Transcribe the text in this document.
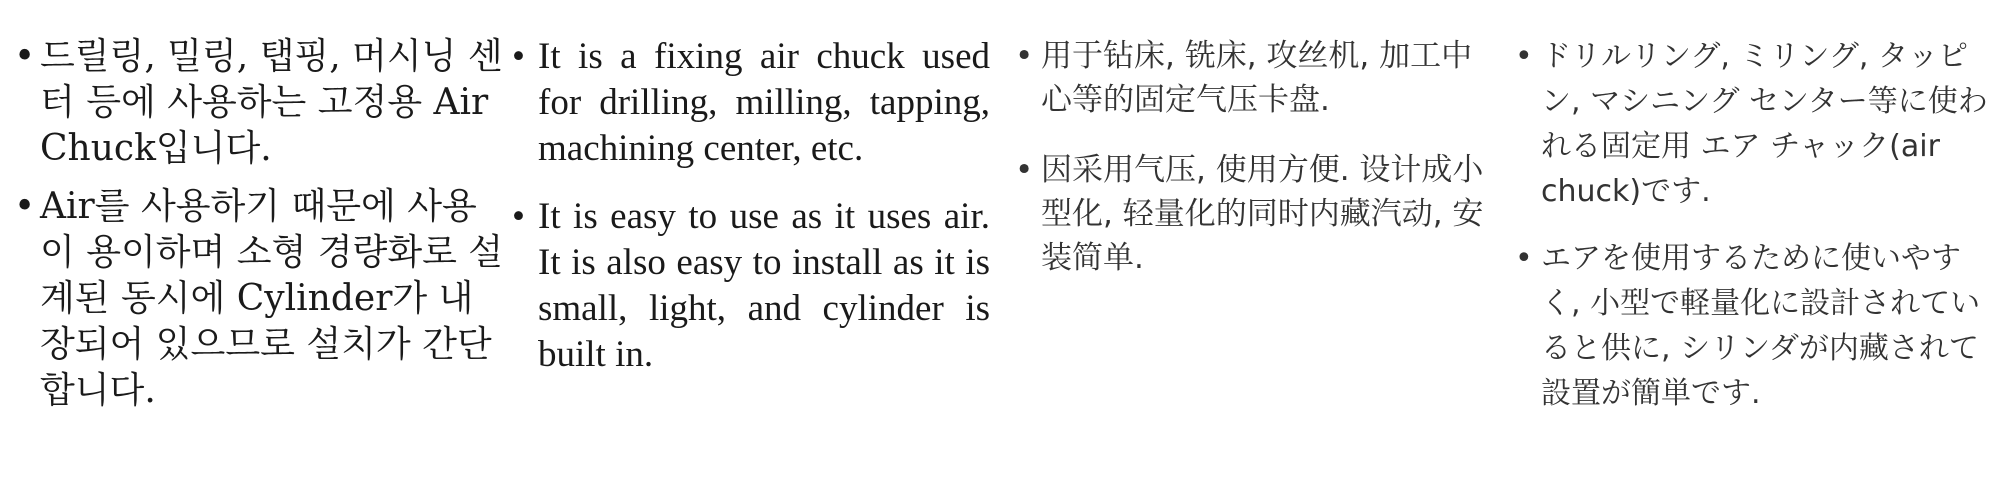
• 드릴링, 밀링, 탭핑, 머시닝 센터 등에 사용하는 고정용 Air Chuck입니다.
• Air를 사용하기 때문에 사용이 용이하며 소형 경량화로 설계된 동시에 Cylinder가 내장되어 있으므로 설치가 간단합니다.
• It is a fixing air chuck used for drilling, milling, tapping, machining center, etc.
• It is easy to use as it uses air. It is also easy to install as it is small, light, and cylinder is built in.
• 用于钻床, 铣床, 攻丝机, 加工中心等的固定气压卡盘.
• 因采用气压, 使用方便. 设计成小型化, 轻量化的同时内藏汽动, 安装简单.
• ドリルリング, ミリング, タッピン, マシニング センター等に使われる固定用 エア チャック(air chuck)です.
• エアを使用するために使いやすく, 小型で軽量化に設計されていると供に, シリンダが内藏されて設置が簡単です.
